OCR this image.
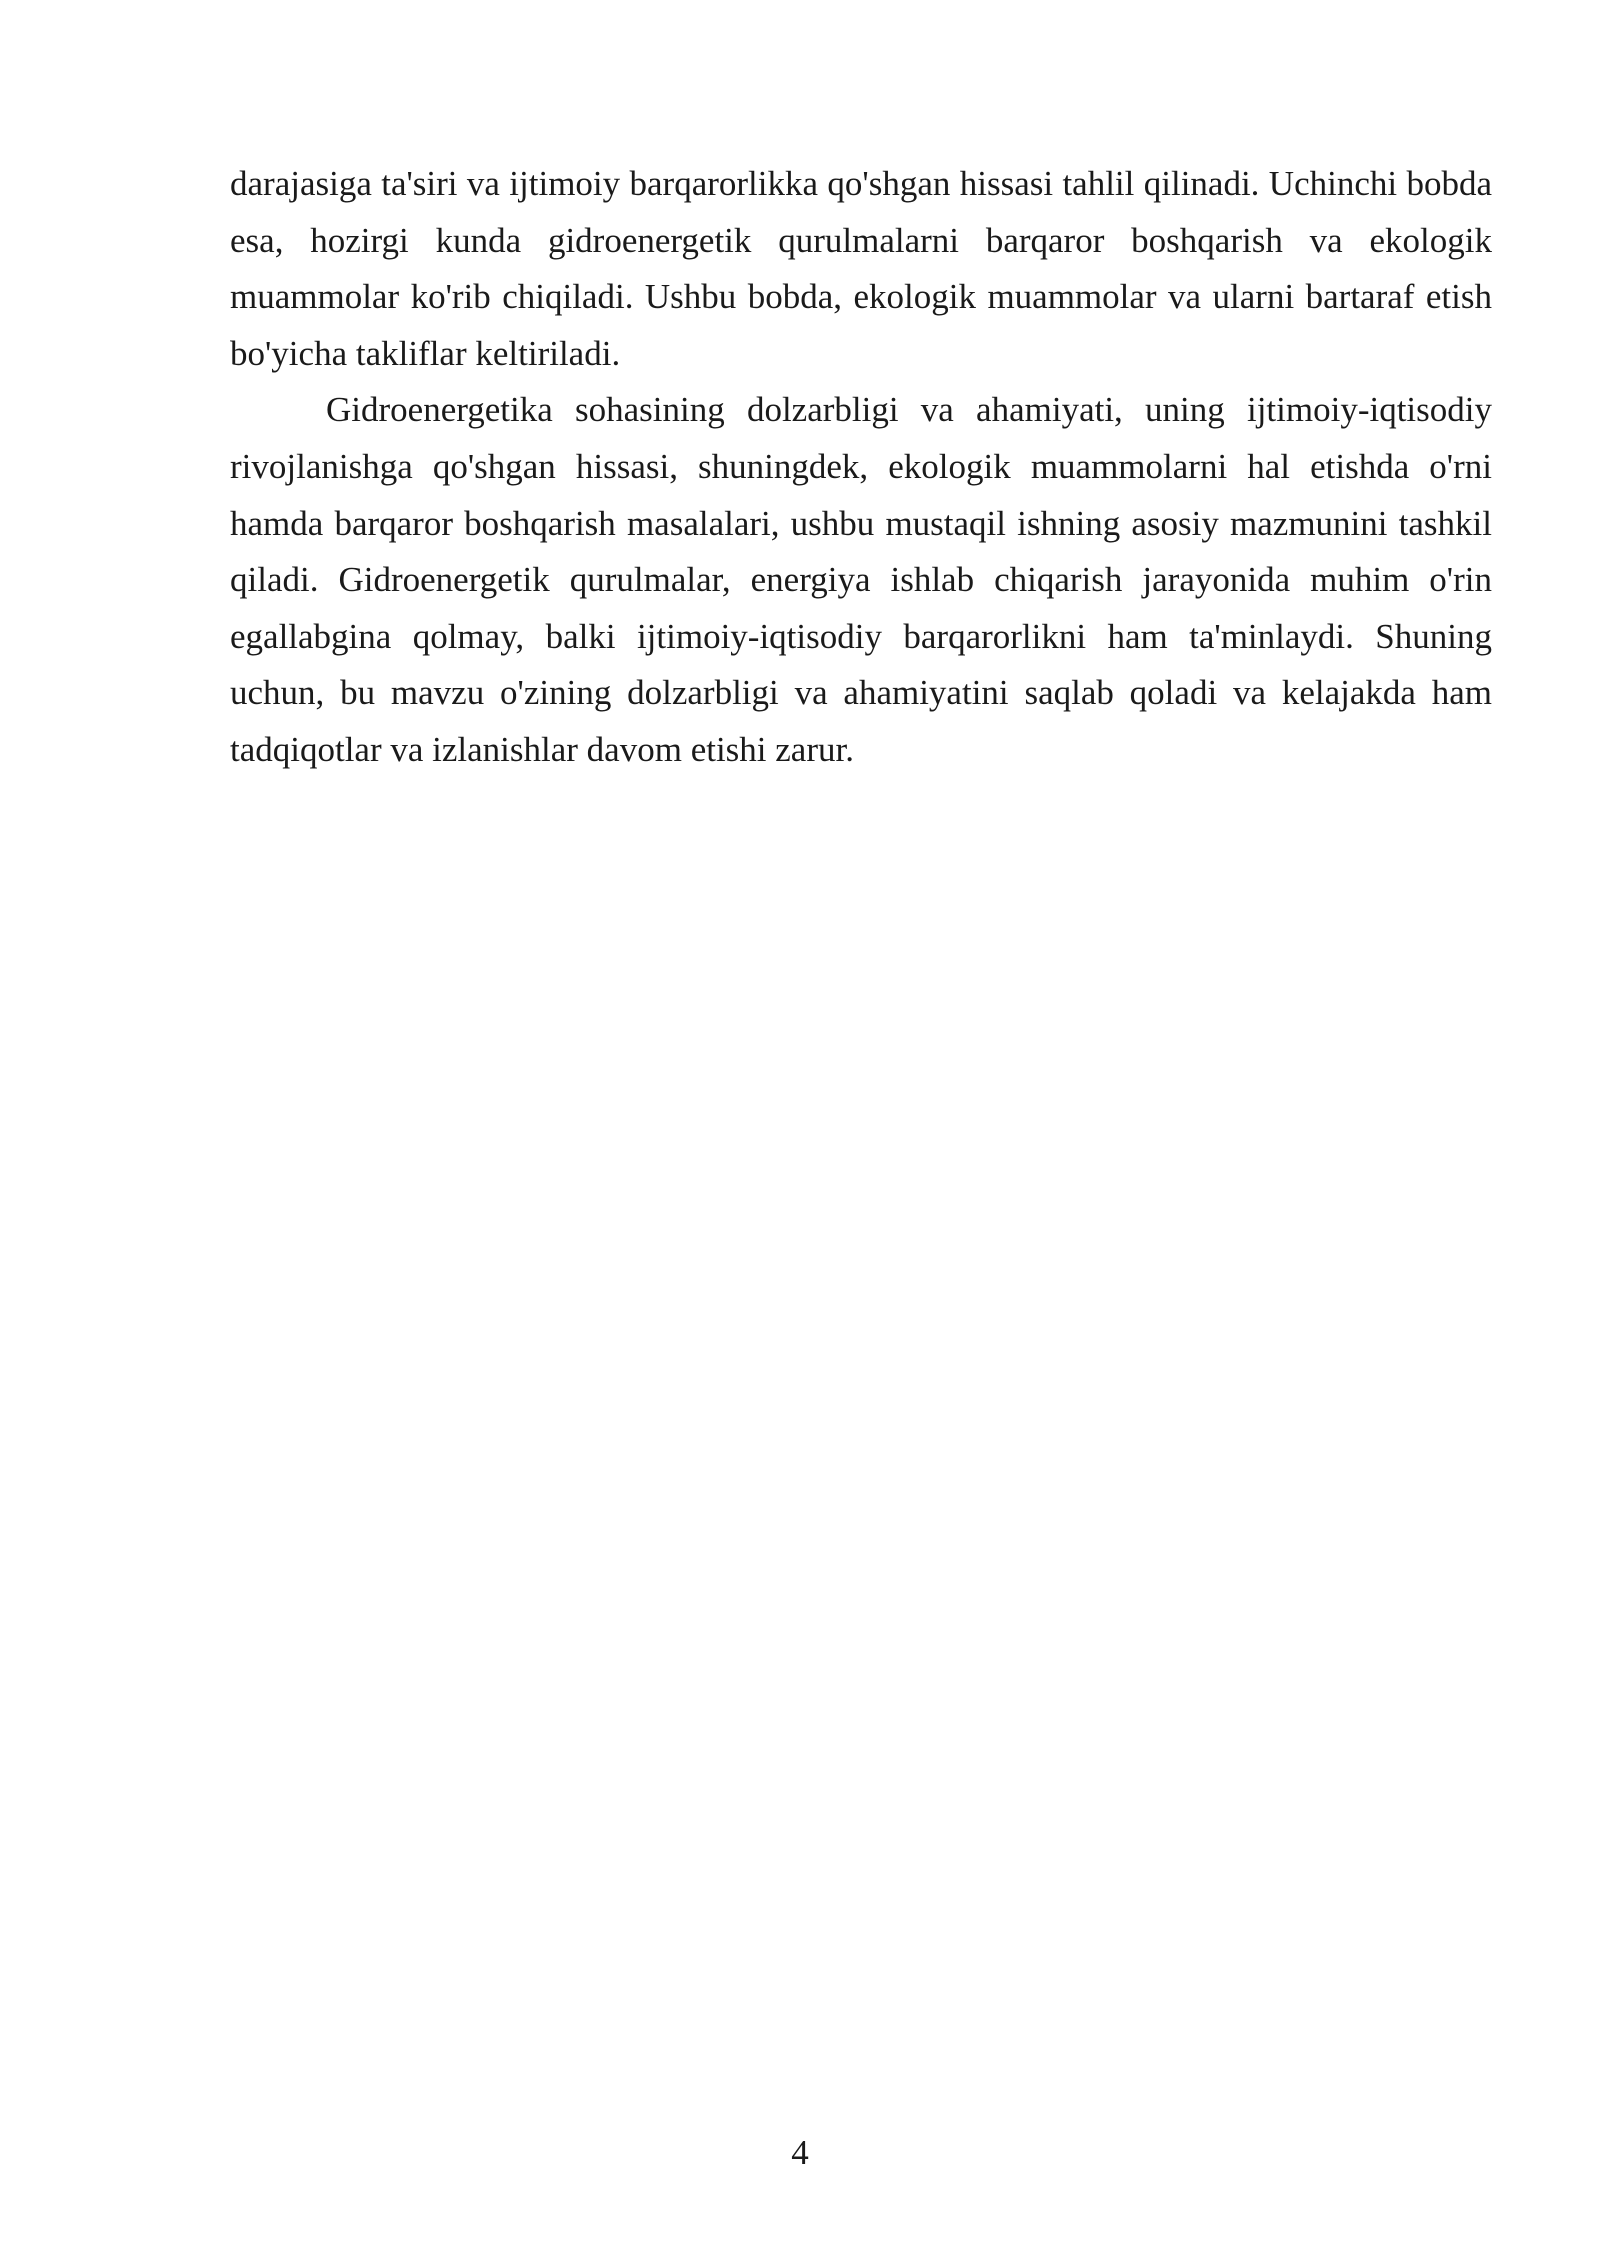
darajasiga ta'siri va ijtimoiy barqarorlikka qo'shgan hissasi tahlil qilinadi. Uchinchi bobda esa, hozirgi kunda gidroenergetik qurulmalarni barqaror boshqarish va ekologik muammolar ko'rib chiqiladi. Ushbu bobda, ekologik muammolar va ularni bartaraf etish bo'yicha takliflar keltiriladi.

Gidroenergetika sohasining dolzarbligi va ahamiyati, uning ijtimoiy-iqtisodiy rivojlanishga qo'shgan hissasi, shuningdek, ekologik muammolarni hal etishda o'rni hamda barqaror boshqarish masalalari, ushbu mustaqil ishning asosiy mazmunini tashkil qiladi. Gidroenergetik qurulmalar, energiya ishlab chiqarish jarayonida muhim o'rin egallabgina qolmay, balki ijtimoiy-iqtisodiy barqarorlikni ham ta'minlaydi. Shuning uchun, bu mavzu o'zining dolzarbligi va ahamiyatini saqlab qoladi va kelajakda ham tadqiqotlar va izlanishlar davom etishi zarur.

4
